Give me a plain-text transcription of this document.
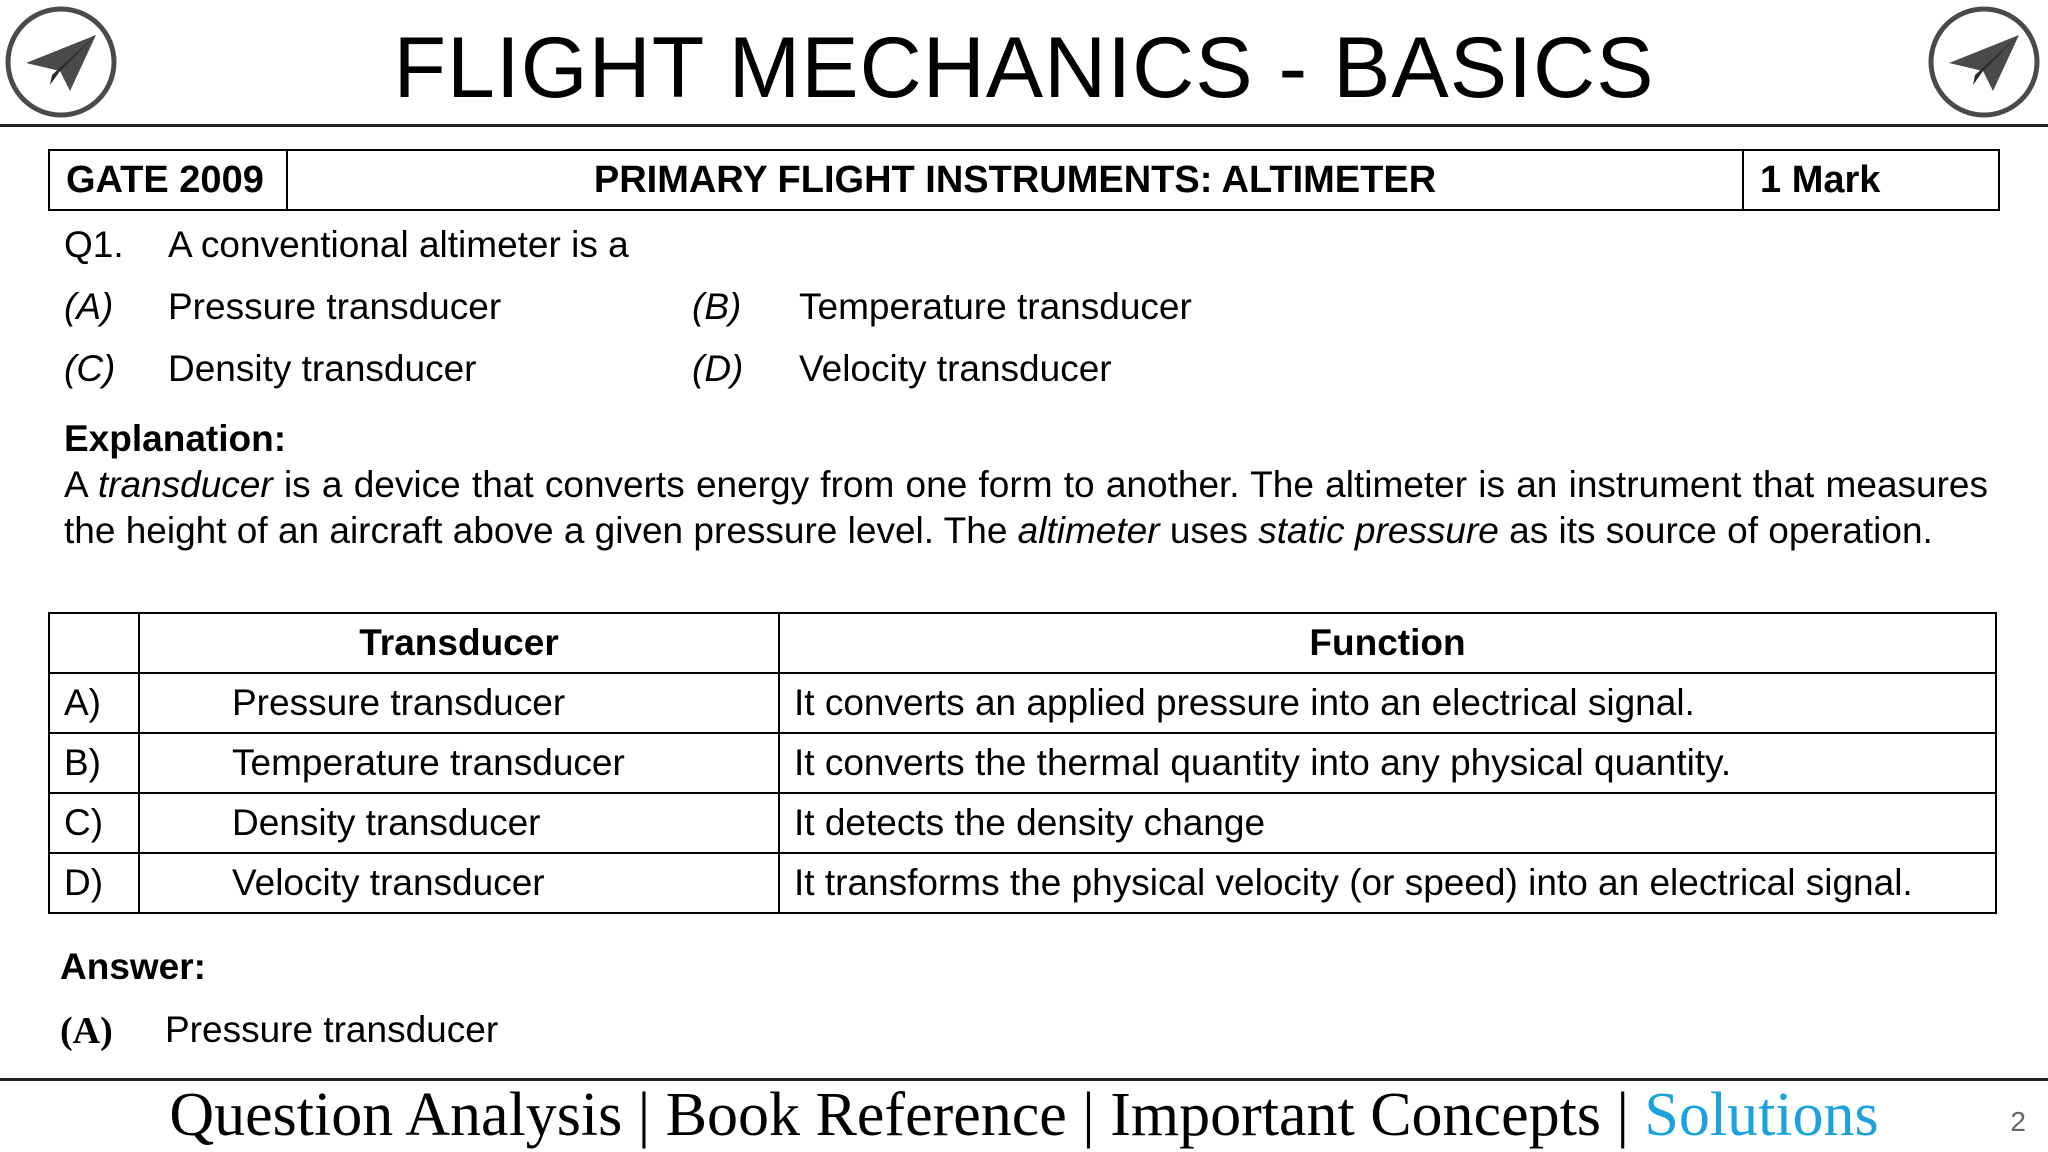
FLIGHT MECHANICS - BASICS
GATE 2009	PRIMARY FLIGHT INSTRUMENTS: ALTIMETER	1 Mark
Q1. A conventional altimeter is a
(A) Pressure transducer	(B) Temperature transducer
(C) Density transducer	(D) Velocity transducer
Explanation:
A transducer is a device that converts energy from one form to another. The altimeter is an instrument that measures the height of an aircraft above a given pressure level. The altimeter uses static pressure as its source of operation.
	Transducer	Function
A)	Pressure transducer	It converts an applied pressure into an electrical signal.
B)	Temperature transducer	It converts the thermal quantity into any physical quantity.
C)	Density transducer	It detects the density change
D)	Velocity transducer	It transforms the physical velocity (or speed) into an electrical signal.
Answer:
(A) Pressure transducer
Question Analysis | Book Reference | Important Concepts | Solutions	2
